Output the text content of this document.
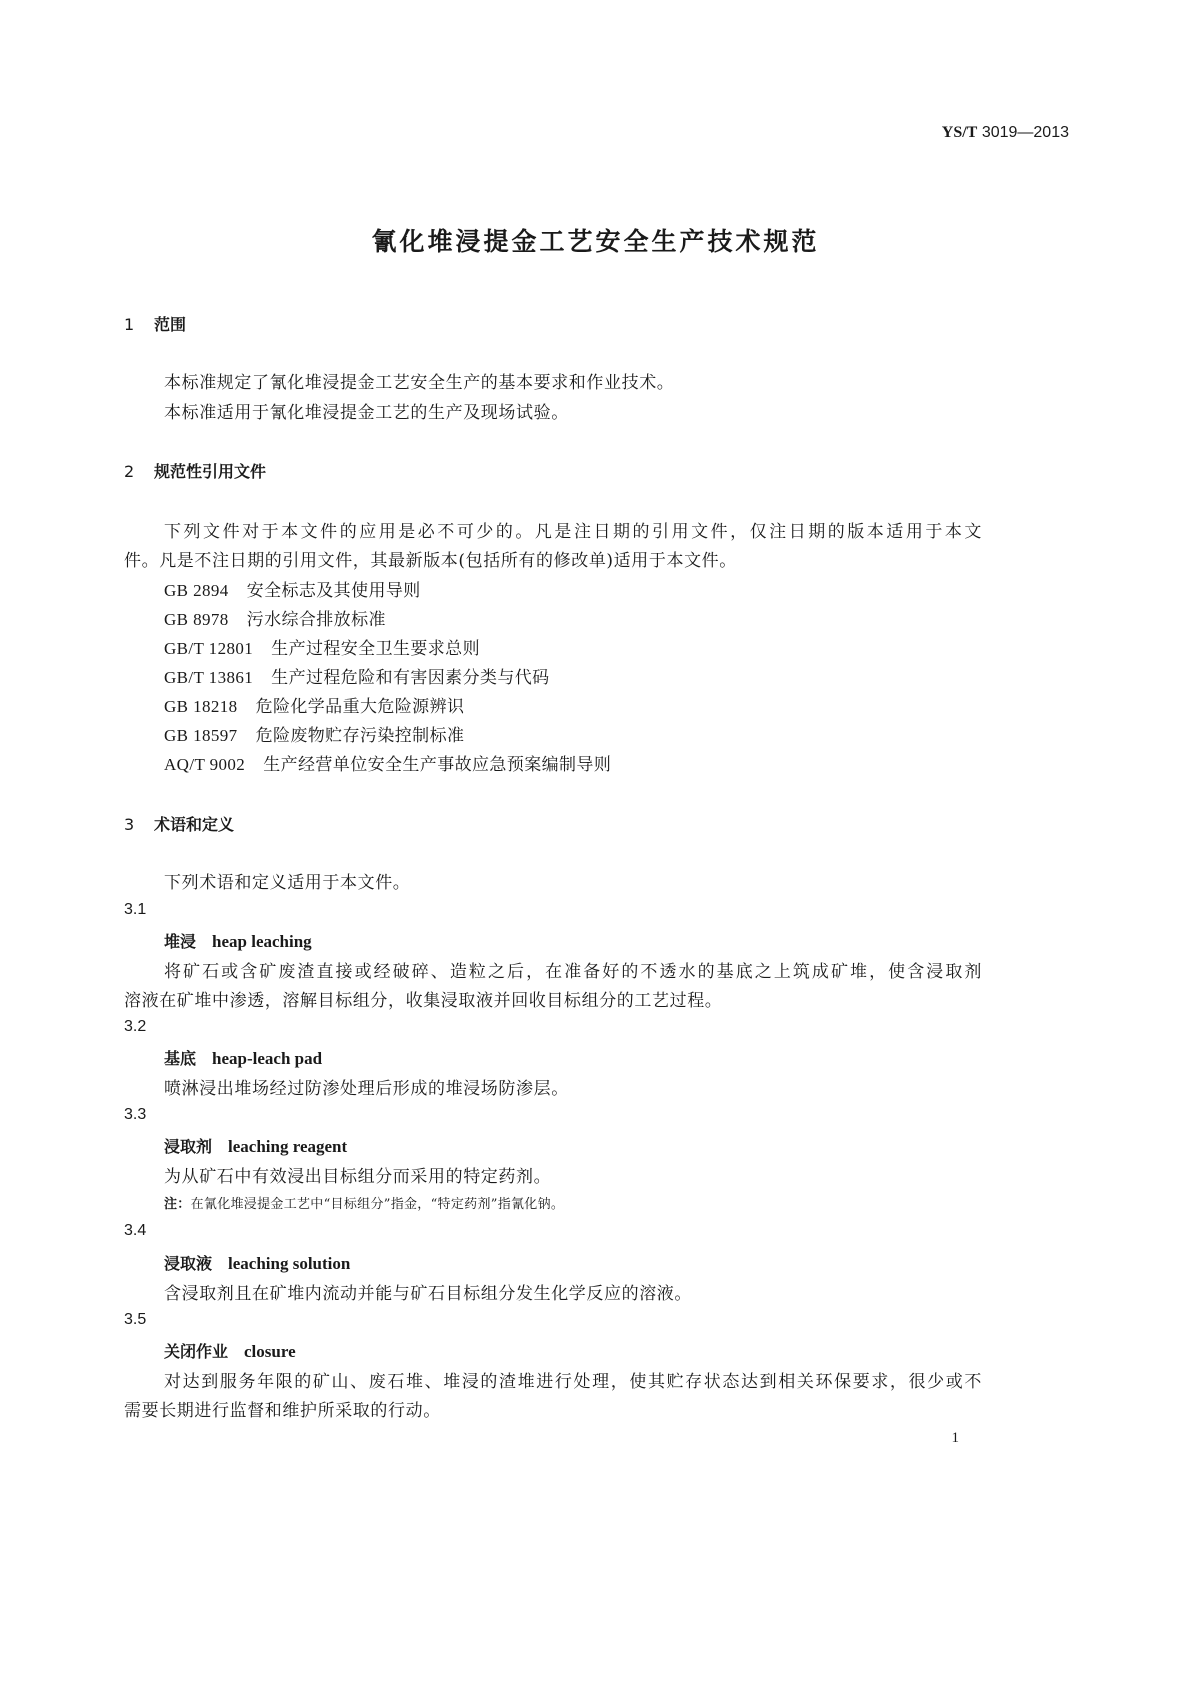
YS/T 3019—2013
氰化堆浸提金工艺安全生产技术规范
1 范围
本标准规定了氰化堆浸提金工艺安全生产的基本要求和作业技术。
本标准适用于氰化堆浸提金工艺的生产及现场试验。
2 规范性引用文件
下列文件对于本文件的应用是必不可少的。凡是注日期的引用文件，仅注日期的版本适用于本文
件。凡是不注日期的引用文件，其最新版本(包括所有的修改单)适用于本文件。
GB 2894 安全标志及其使用导则
GB 8978 污水综合排放标准
GB/T 12801 生产过程安全卫生要求总则
GB/T 13861 生产过程危险和有害因素分类与代码
GB 18218 危险化学品重大危险源辨识
GB 18597 危险废物贮存污染控制标准
AQ/T 9002 生产经营单位安全生产事故应急预案编制导则
3 术语和定义
下列术语和定义适用于本文件。
3.1
堆浸 heap leaching
将矿石或含矿废渣直接或经破碎、造粒之后，在准备好的不透水的基底之上筑成矿堆，使含浸取剂
溶液在矿堆中渗透，溶解目标组分，收集浸取液并回收目标组分的工艺过程。
3.2
基底 heap-leach pad
喷淋浸出堆场经过防渗处理后形成的堆浸场防渗层。
3.3
浸取剂 leaching reagent
为从矿石中有效浸出目标组分而采用的特定药剂。
注：在氰化堆浸提金工艺中“目标组分”指金，“特定药剂”指氰化钠。
3.4
浸取液 leaching solution
含浸取剂且在矿堆内流动并能与矿石目标组分发生化学反应的溶液。
3.5
关闭作业 closure
对达到服务年限的矿山、废石堆、堆浸的渣堆进行处理，使其贮存状态达到相关环保要求，很少或不
需要长期进行监督和维护所采取的行动。
1
